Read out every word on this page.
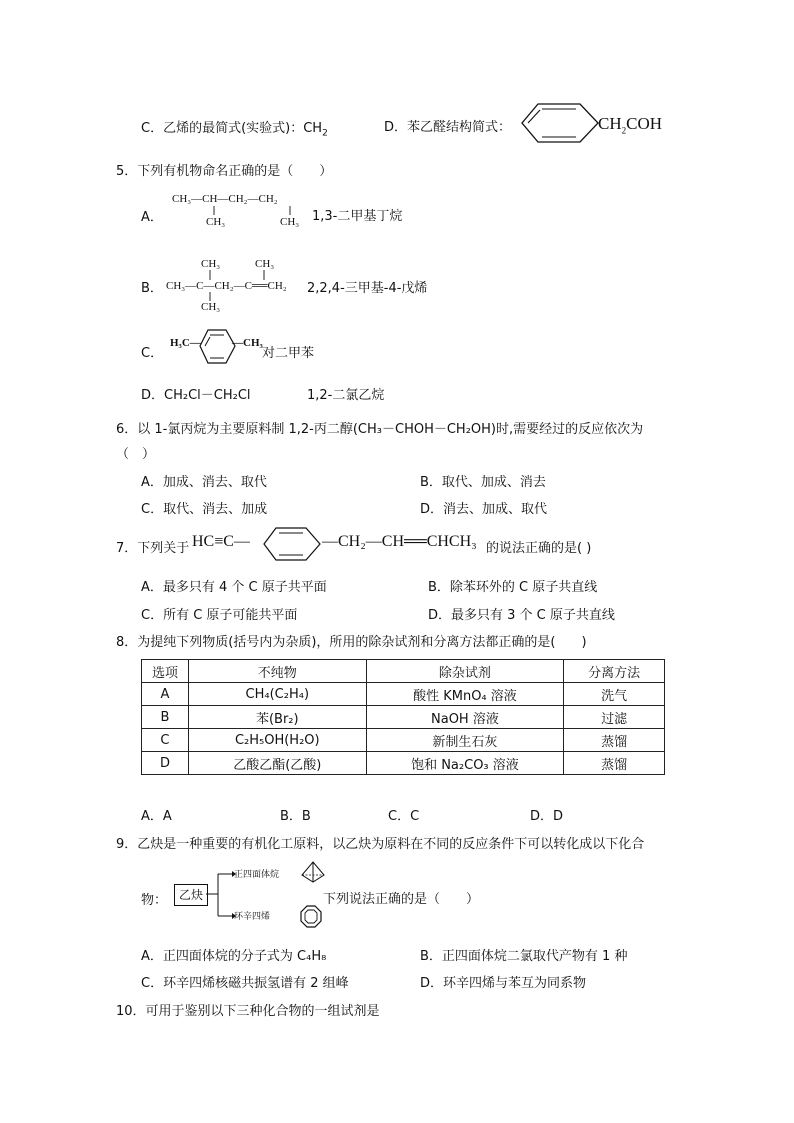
C．乙烯的最简式(实验式)：$CH_2$	D．苯乙醛结构简式：	$CH_2COH$
5．下列有机物命名正确的是（　　）
A．
CH₃—CH—CH₂—CH₂
CH₃	CH₃ 1,3-二甲基丁烷
B．
CH₃	CH₃
CH₃—C—CH₂—C══CH₂
CH₃
2,2,4-三甲基-4-戊烯
C．
H₃C—	—CH₃
对二甲苯
D．CH₂Cl－CH₂Cl	1,2-二氯乙烷
6．以 1-氯丙烷为主要原料制 1,2-丙二醇(CH₃－CHOH－CH₂OH)时,需要经过的反应依次为
（　）
A．加成、消去、取代	B．取代、加成、消去
C．取代、消去、加成	D．消去、加成、取代
7．下列关于 HC≡C—	—CH₂—CH══CHCH₃ 的说法正确的是( )
A．最多只有 4 个 C 原子共平面	B．除苯环外的 C 原子共直线
C．所有 C 原子可能共平面	D．最多只有 3 个 C 原子共直线
8．为提纯下列物质(括号内为杂质)，所用的除杂试剂和分离方法都正确的是(　　)
选项	不纯物	除杂试剂	分离方法
A	CH₄(C₂H₄)	酸性 KMnO₄ 溶液	洗气
B	苯(Br₂)	NaOH 溶液	过滤
C	C₂H₅OH(H₂O)	新制生石灰	蒸馏
D	乙酸乙酯(乙酸)	饱和 Na₂CO₃ 溶液	蒸馏
A．A	B．B	C．C	D．D
9．乙炔是一种重要的有机化工原料，以乙炔为原料在不同的反应条件下可以转化成以下化合
物： 乙炔
正四面体烷
环辛四烯
下列说法正确的是（　　）
A．正四面体烷的分子式为 C₄H₈	B．正四面体烷二氯取代产物有 1 种
C．环辛四烯核磁共振氢谱有 2 组峰	D．环辛四烯与苯互为同系物
10．可用于鉴别以下三种化合物的一组试剂是
